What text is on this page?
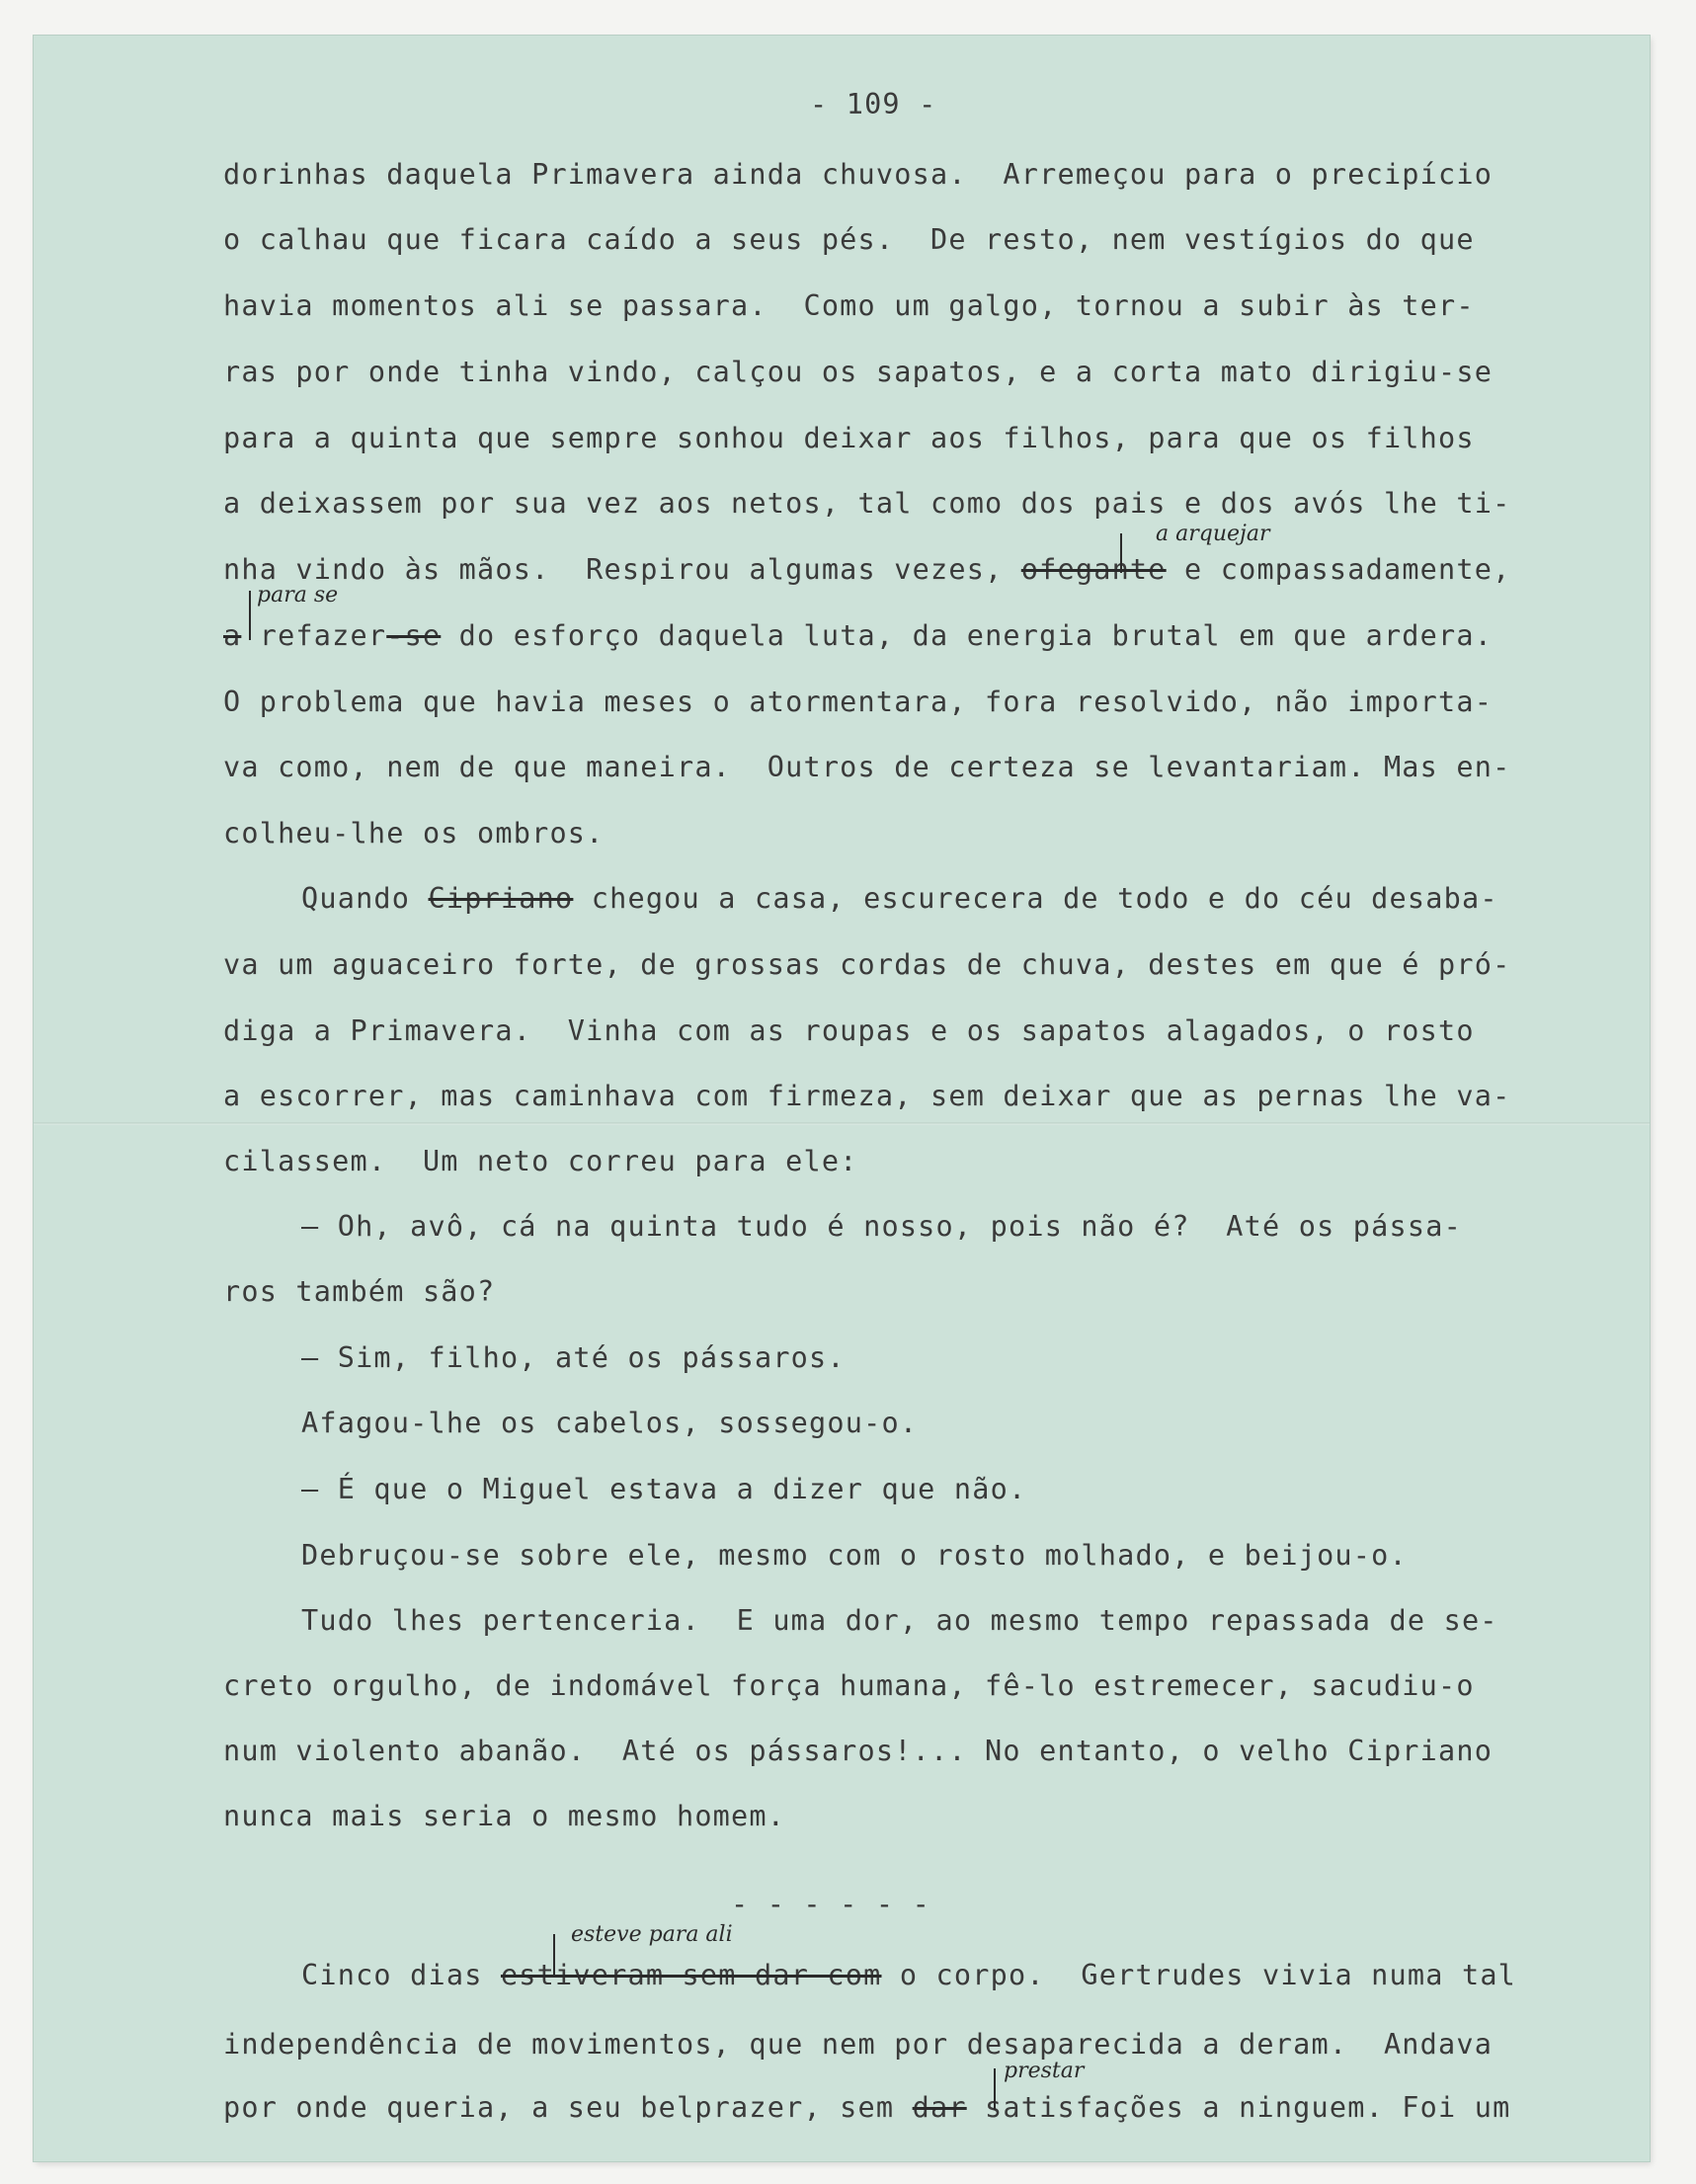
- 109 -
dorinhas daquela Primavera ainda chuvosa.  Arremeçou para o precipício
o calhau que ficara caído a seus pés.  De resto, nem vestígios do que
havia momentos ali se passara.  Como um galgo, tornou a subir às ter-
ras por onde tinha vindo, calçou os sapatos, e a corta mato dirigiu-se
para a quinta que sempre sonhou deixar aos filhos, para que os filhos
a deixassem por sua vez aos netos, tal como dos pais e dos avós lhe ti-
nha vindo às mãos.  Respirou algumas vezes, ofegante e compassadamente,
a refazer-se do esforço daquela luta, da energia brutal em que ardera.
O problema que havia meses o atormentara, fora resolvido, não importa-
va como, nem de que maneira.  Outros de certeza se levantariam. Mas en-
colheu-lhe os ombros.
Quando Cipriano chegou a casa, escurecera de todo e do céu desaba-
va um aguaceiro forte, de grossas cordas de chuva, destes em que é pró-
diga a Primavera.  Vinha com as roupas e os sapatos alagados, o rosto
a escorrer, mas caminhava com firmeza, sem deixar que as pernas lhe va-
cilassem.  Um neto correu para ele:
— Oh, avô, cá na quinta tudo é nosso, pois não é?  Até os pássa-
ros também são?
— Sim, filho, até os pássaros.
Afagou-lhe os cabelos, sossegou-o.
— É que o Miguel estava a dizer que não.
Debruçou-se sobre ele, mesmo com o rosto molhado, e beijou-o.
Tudo lhes pertenceria.  E uma dor, ao mesmo tempo repassada de se-
creto orgulho, de indomável força humana, fê-lo estremecer, sacudiu-o
num violento abanão.  Até os pássaros!... No entanto, o velho Cipriano
nunca mais seria o mesmo homem.
- - - - - -
Cinco dias estiveram sem dar com o corpo.  Gertrudes vivia numa tal
independência de movimentos, que nem por desaparecida a deram.  Andava
por onde queria, a seu belprazer, sem dar satisfações a ninguem. Foi um
a arquejar
para se
esteve para ali
prestar
